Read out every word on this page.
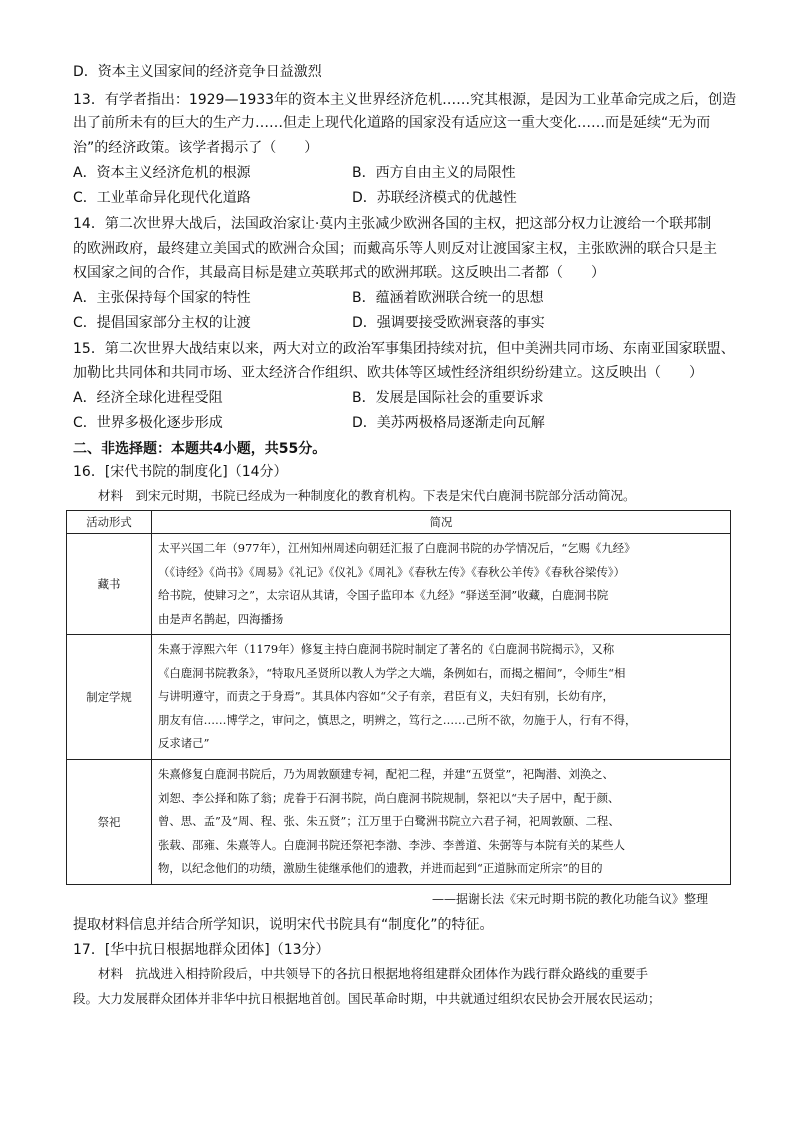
D．资本主义国家间的经济竞争日益激烈
13．有学者指出：1929—1933年的资本主义世界经济危机……究其根源，是因为工业革命完成之后，创造
出了前所未有的巨大的生产力……但走上现代化道路的国家没有适应这一重大变化……而是延续“无为而
治”的经济政策。该学者揭示了（　　）
A．资本主义经济危机的根源	B．西方自由主义的局限性
C．工业革命异化现代化道路	D．苏联经济模式的优越性
14．第二次世界大战后，法国政治家让·莫内主张减少欧洲各国的主权，把这部分权力让渡给一个联邦制
的欧洲政府，最终建立美国式的欧洲合众国；而戴高乐等人则反对让渡国家主权，主张欧洲的联合只是主
权国家之间的合作，其最高目标是建立英联邦式的欧洲邦联。这反映出二者都（　　）
A．主张保持每个国家的特性	B．蕴涵着欧洲联合统一的思想
C．提倡国家部分主权的让渡	D．强调要接受欧洲衰落的事实
15．第二次世界大战结束以来，两大对立的政治军事集团持续对抗，但中美洲共同市场、东南亚国家联盟、
加勒比共同体和共同市场、亚太经济合作组织、欧共体等区域性经济组织纷纷建立。这反映出（　　）
A．经济全球化进程受阻	B．发展是国际社会的重要诉求
C．世界多极化逐步形成	D．美苏两极格局逐渐走向瓦解
二、非选择题：本题共4小题，共55分。
16．[宋代书院的制度化]（14分）
　　材料　到宋元时期，书院已经成为一种制度化的教育机构。下表是宋代白鹿洞书院部分活动简况。
活动形式	简况
藏书	太平兴国二年（977年），江州知州周述向朝廷汇报了白鹿洞书院的办学情况后，“乞赐《九经》
（《诗经》《尚书》《周易》《礼记》《仪礼》《周礼》《春秋左传》《春秋公羊传》《春秋谷梁传》）
给书院，使肄习之”，太宗诏从其请，令国子监印本《九经》“驿送至洞”收藏，白鹿洞书院
由是声名鹊起，四海播扬

制定学规	朱熹于淳熙六年（1179年）修复主持白鹿洞书院时制定了著名的《白鹿洞书院揭示》，又称
《白鹿洞书院教条》，“特取凡圣贤所以教人为学之大端，条例如右，而揭之楣间”，令师生“相
与讲明遵守，而责之于身焉”。其具体内容如“父子有亲，君臣有义，夫妇有别，长幼有序，
朋友有信……博学之，审问之，慎思之，明辨之，笃行之……己所不欲，勿施于人，行有不得，
反求诸己”

祭祀	朱熹修复白鹿洞书院后，乃为周敦颐建专祠，配祀二程，并建“五贤堂”，祀陶潜、刘涣之、
刘恕、李公择和陈了翁；虎眷于石洞书院，尚白鹿洞书院规制，祭祀以“夫子居中，配于颜、
曾、思、孟”及“周、程、张、朱五贤”；江万里于白鹭洲书院立六君子祠，祀周敦颐、二程、
张载、邵雍、朱熹等人。白鹿洞书院还祭祀李渤、李涉、李善道、朱弼等与本院有关的某些人
物，以纪念他们的功绩，激励生徒继承他们的遗教，并进而起到“正道脉而定所宗”的目的
——据谢长法《宋元时期书院的教化功能刍议》整理
提取材料信息并结合所学知识，说明宋代书院具有“制度化”的特征。
17．[华中抗日根据地群众团体]（13分）
　　材料　抗战进入相持阶段后，中共领导下的各抗日根据地将组建群众团体作为践行群众路线的重要手
段。大力发展群众团体并非华中抗日根据地首创。国民革命时期，中共就通过组织农民协会开展农民运动；
